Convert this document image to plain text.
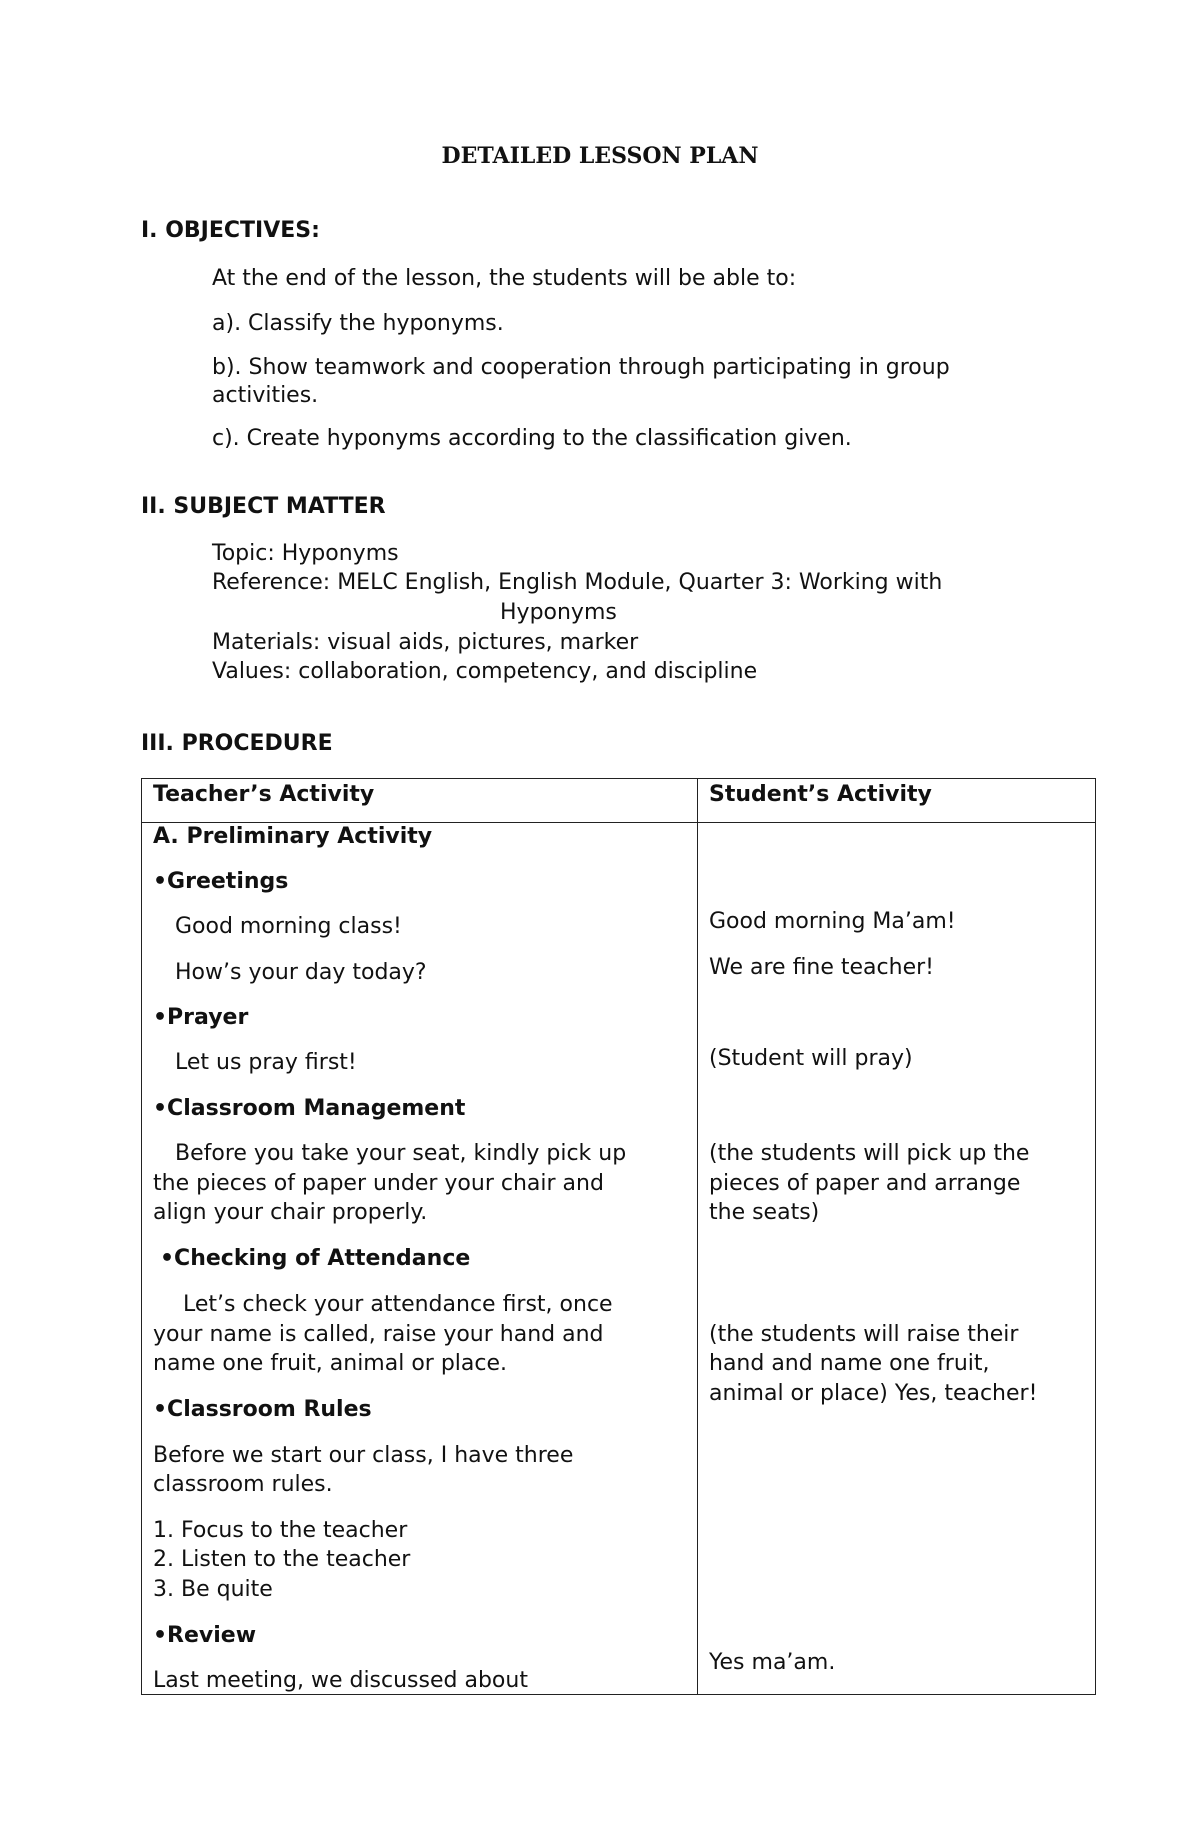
DETAILED LESSON PLAN
I. OBJECTIVES:
At the end of the lesson, the students will be able to:
a). Classify the hyponyms.
b). Show teamwork and cooperation through participating in group
activities.
c). Create hyponyms according to the classification given.
II. SUBJECT MATTER
Topic: Hyponyms
Reference: MELC English, English Module, Quarter 3: Working with
Hyponyms
Materials: visual aids, pictures, marker
Values: collaboration, competency, and discipline
III. PROCEDURE
Teacher’s Activity	Student’s Activity
A. Preliminary Activity
•Greetings
Good morning class!
How’s your day today?
•Prayer
Let us pray first!
•Classroom Management
Before you take your seat, kindly pick up
the pieces of paper under your chair and
align your chair properly.
•Checking of Attendance
Let’s check your attendance first, once
your name is called, raise your hand and
name one fruit, animal or place.
•Classroom Rules
Before we start our class, I have three
classroom rules.
1. Focus to the teacher
2. Listen to the teacher
3. Be quite
•Review
Last meeting, we discussed about
Good morning Ma’am!
We are fine teacher!
(Student will pray)
(the students will pick up the
pieces of paper and arrange
the seats)
(the students will raise their
hand and name one fruit,
animal or place) Yes, teacher!
Yes ma’am.
